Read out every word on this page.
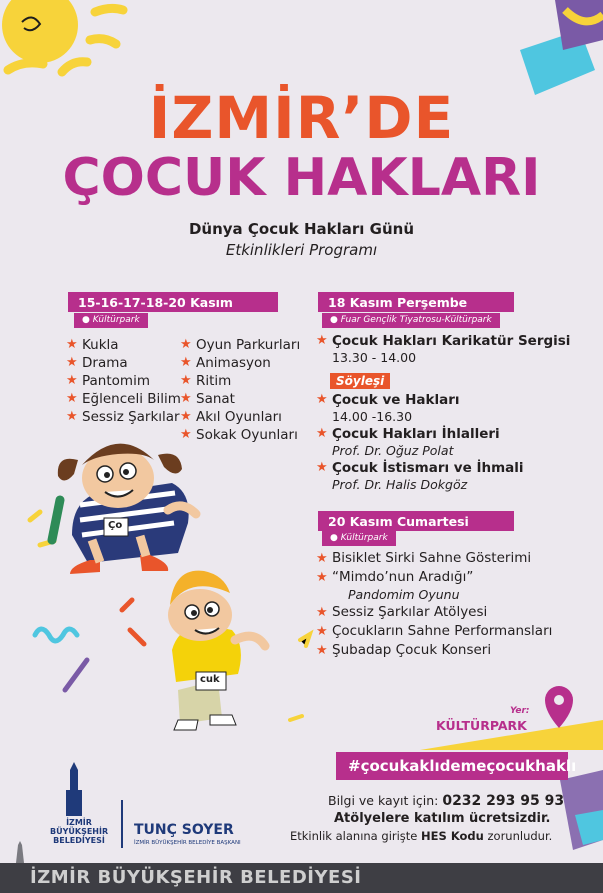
İZMİR’DE
ÇOCUK HAKLARI
Dünya Çocuk Hakları Günü
Etkinlikleri Programı
15-16-17-18-20 Kasım
● Kültürpark
★ Kukla
★ Drama
★ Pantomim
★ Eğlenceli Bilim
★ Sessiz Şarkılar
★ Oyun Parkurları
★ Animasyon
★ Ritim
★ Sanat
★ Akıl Oyunları
★ Sokak Oyunları
18 Kasım Perşembe
● Fuar Gençlik Tiyatrosu-Kültürpark
★ Çocuk Hakları Karikatür Sergisi
13.30 - 14.00
Söyleşi
★ Çocuk ve Hakları
14.00 -16.30
★ Çocuk Hakları İhlalleri
Prof. Dr. Oğuz Polat
★ Çocuk İstismarı ve İhmali
Prof. Dr. Halis Dokgöz
20 Kasım Cumartesi
● Kültürpark
★ Bisiklet Sirki Sahne Gösterimi
★ “Mimdo’nun Aradığı”
Pandomim Oyunu
★ Sessiz Şarkılar Atölyesi
★ Çocukların Sahne Performansları
★ Şubadap Çocuk Konseri
Ço
cuk
Yer:
KÜLTÜRPARK
#çocukaklıdemeçocukhaklı
Bilgi ve kayıt için: 0232 293 95 93
Atölyelere katılım ücretsizdir.
Etkinlik alanına girişte HES Kodu zorunludur.
İZMİR
BÜYÜKŞEHİR
BELEDİYESİ
TUNÇ SOYER
İZMİR BÜYÜKŞEHİR BELEDİYE BAŞKANI
İZMİR BÜYÜKŞEHİR BELEDİYESİ
